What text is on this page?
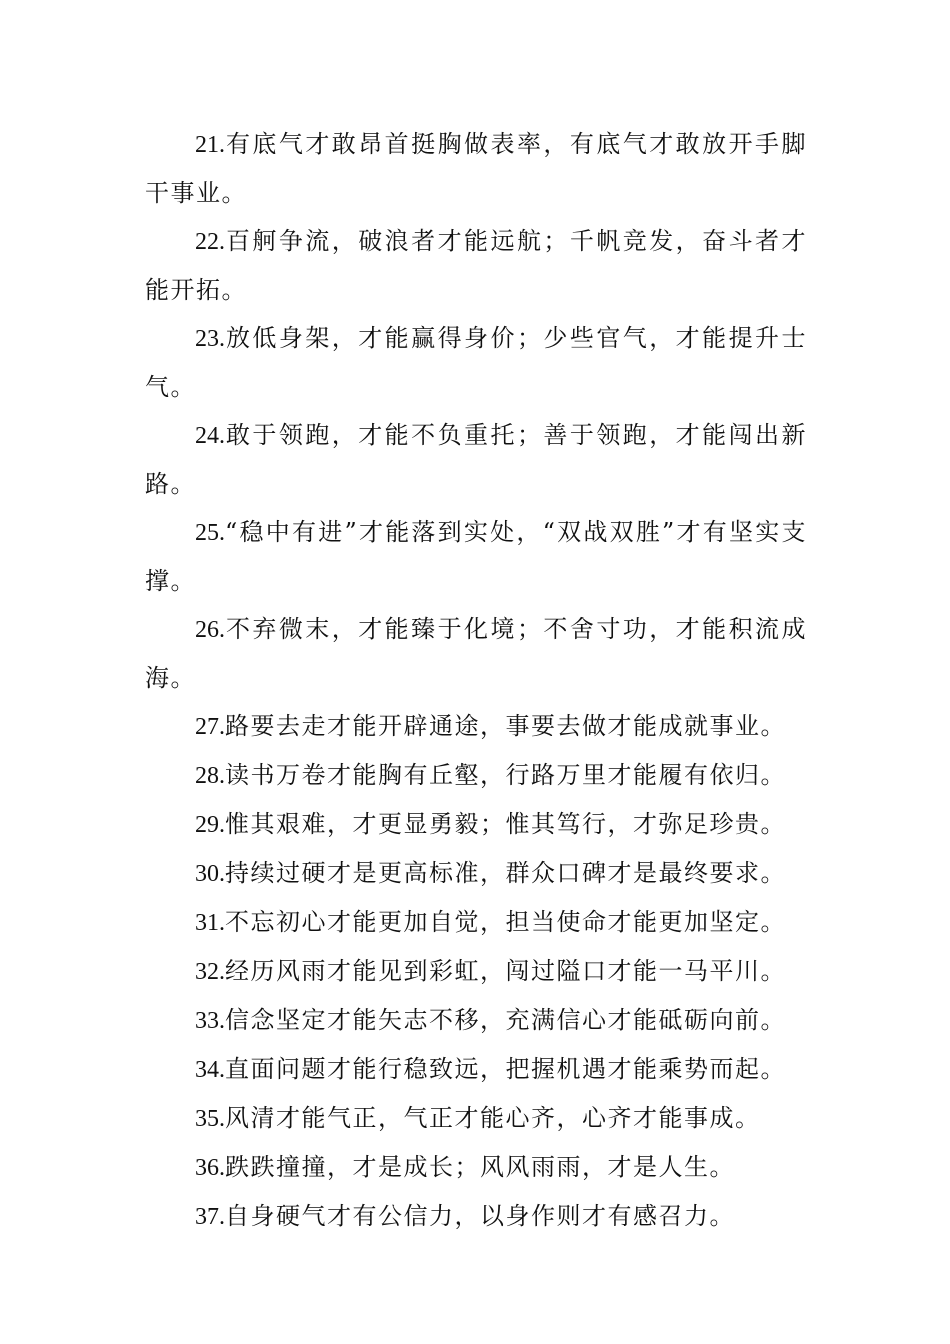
21.有底气才敢昂首挺胸做表率，有底气才敢放开手脚干事业。

22.百舸争流，破浪者才能远航；千帆竞发，奋斗者才能开拓。

23.放低身架，才能赢得身价；少些官气，才能提升士气。

24.敢于领跑，才能不负重托；善于领跑，才能闯出新路。

25.“稳中有进”才能落到实处，“双战双胜”才有坚实支撑。

26.不弃微末，才能臻于化境；不舍寸功，才能积流成海。

27.路要去走才能开辟通途，事要去做才能成就事业。

28.读书万卷才能胸有丘壑，行路万里才能履有依归。

29.惟其艰难，才更显勇毅；惟其笃行，才弥足珍贵。

30.持续过硬才是更高标准，群众口碑才是最终要求。

31.不忘初心才能更加自觉，担当使命才能更加坚定。

32.经历风雨才能见到彩虹，闯过隘口才能一马平川。

33.信念坚定才能矢志不移，充满信心才能砥砺向前。

34.直面问题才能行稳致远，把握机遇才能乘势而起。

35.风清才能气正，气正才能心齐，心齐才能事成。

36.跌跌撞撞，才是成长；风风雨雨，才是人生。

37.自身硬气才有公信力，以身作则才有感召力。
